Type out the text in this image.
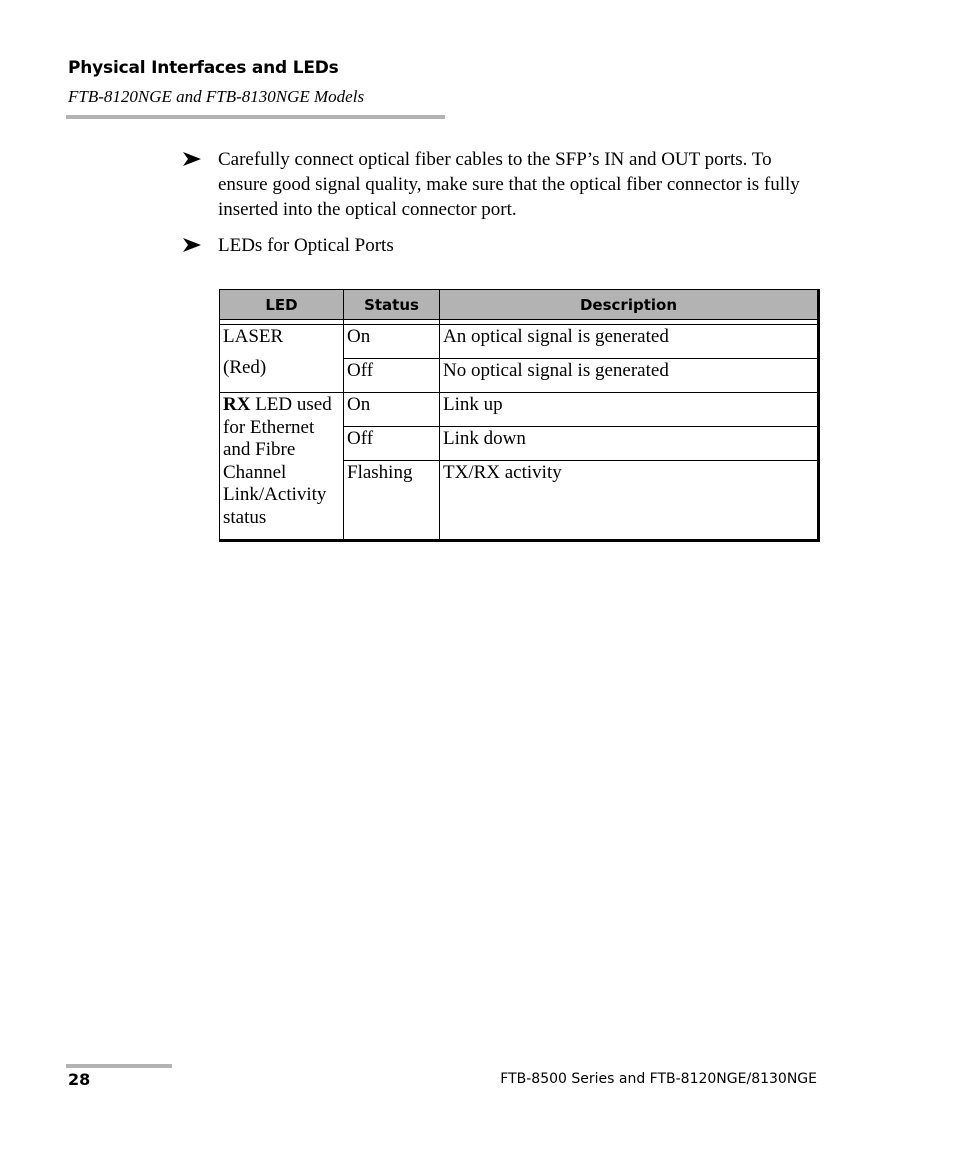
Physical Interfaces and LEDs
FTB-8120NGE and FTB-8130NGE Models
Carefully connect optical fiber cables to the SFP’s IN and OUT ports. To ensure good signal quality, make sure that the optical fiber connector is fully inserted into the optical connector port.
LEDs for Optical Ports
LED	Status	Description

LASER
(Red)	On	An optical signal is generated
	Off	No optical signal is generated
RX LED used for Ethernet and Fibre Channel Link/Activity status	On	Link up
	Off	Link down
	Flashing	TX/RX activity
28	FTB-8500 Series and FTB-8120NGE/8130NGE
